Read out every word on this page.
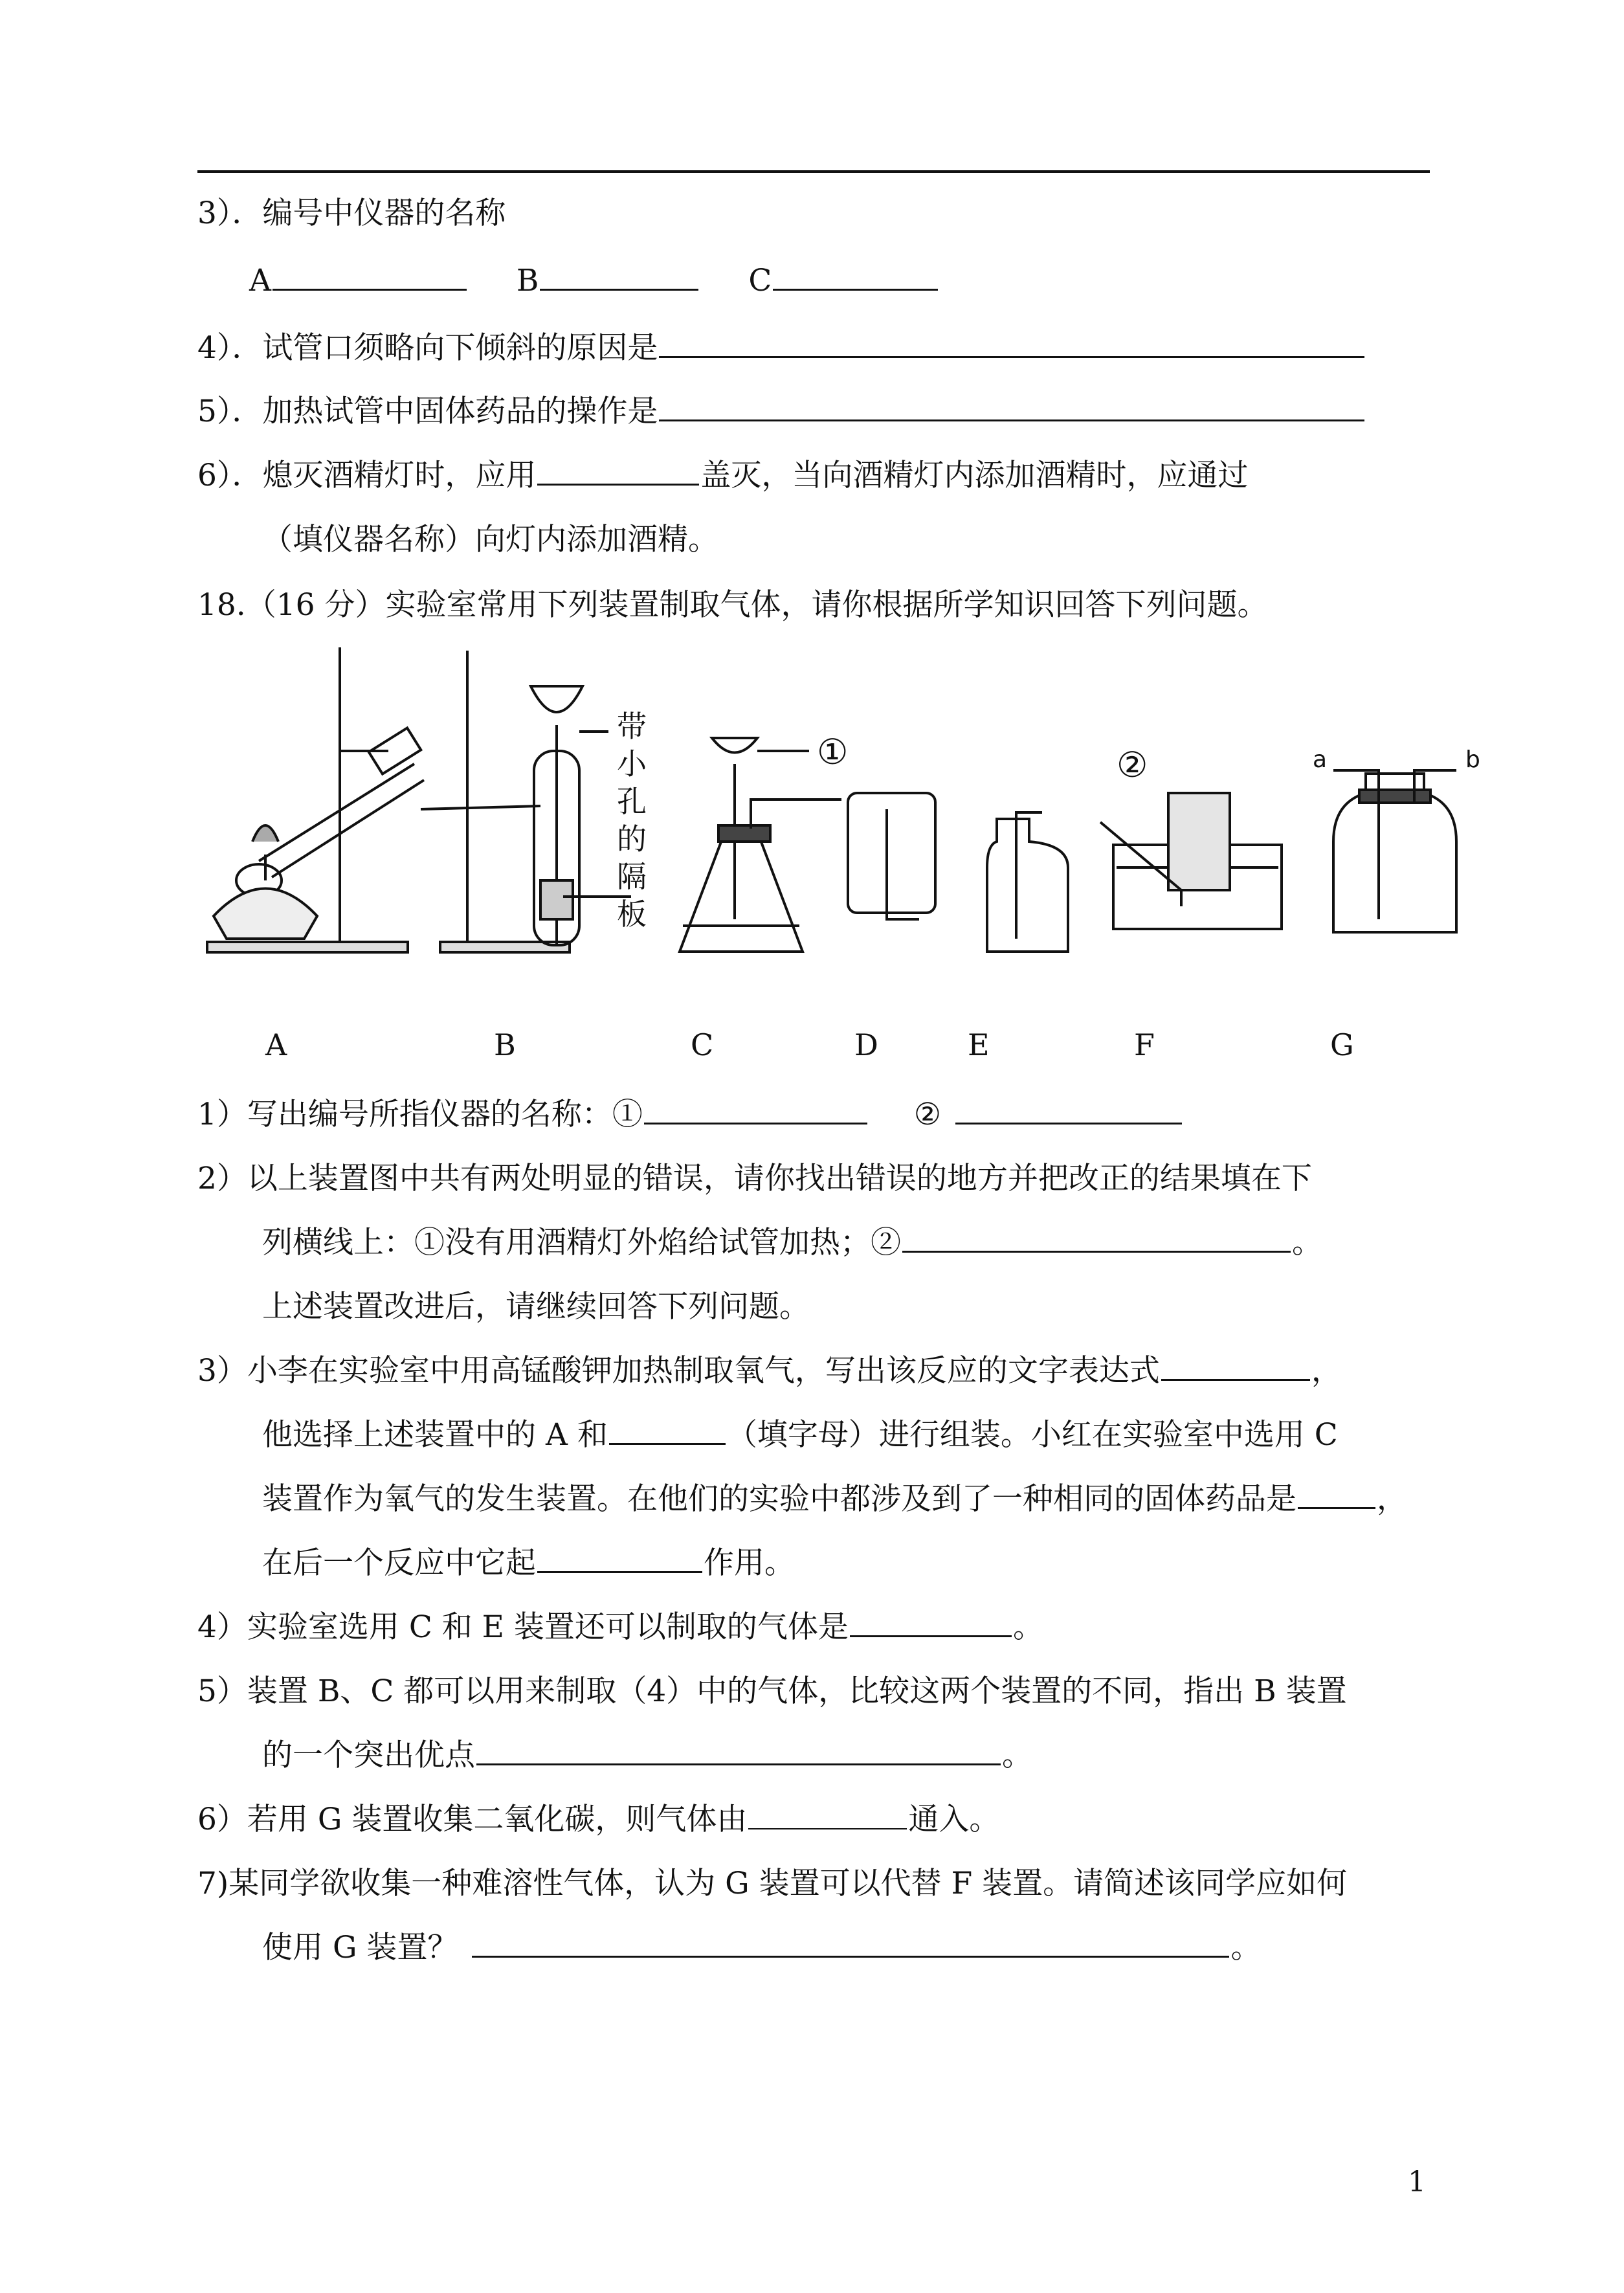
3）．编号中仪器的名称
A	B	C
4）．试管口须略向下倾斜的原因是
5）．加热试管中固体药品的操作是
6）．熄灭酒精灯时，应用	盖灭，当向酒精灯内添加酒精时，应通过
（填仪器名称）向灯内添加酒精。
18.（16 分）实验室常用下列装置制取气体，请你根据所学知识回答下列问题。
带
小
孔
的
隔
板
①	②	a	b
A	B	C	D	E	F	G
1）写出编号所指仪器的名称：①	②
2）以上装置图中共有两处明显的错误，请你找出错误的地方并把改正的结果填在下
列横线上：①没有用酒精灯外焰给试管加热；②	。
上述装置改进后，请继续回答下列问题。
3）小李在实验室中用高锰酸钾加热制取氧气，写出该反应的文字表达式	，
他选择上述装置中的 A 和	（填字母）进行组装。小红在实验室中选用 C
装置作为氧气的发生装置。在他们的实验中都涉及到了一种相同的固体药品是	，
在后一个反应中它起	作用。
4）实验室选用 C 和 E 装置还可以制取的气体是	。
5）装置 B、C 都可以用来制取（4）中的气体，比较这两个装置的不同，指出 B 装置
的一个突出优点	。
6）若用 G 装置收集二氧化碳，则气体由	通入。
7)某同学欲收集一种难溶性气体，认为 G 装置可以代替 F 装置。请简述该同学应如何
使用 G 装置？	。
1
